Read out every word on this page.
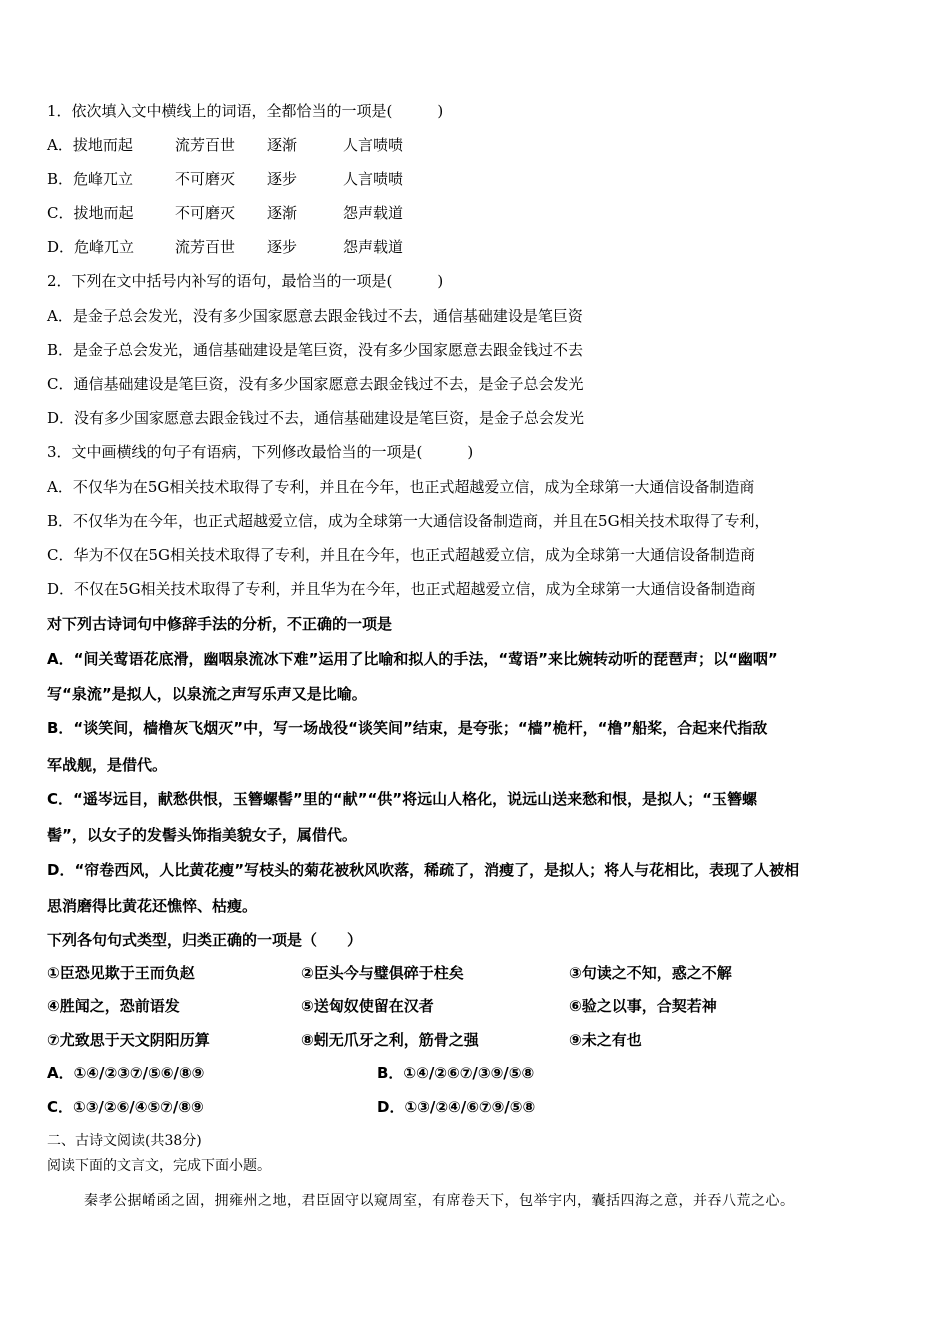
1．依次填入文中横线上的词语，全都恰当的一项是(　　　)
A．拔地而起	流芳百世 逐渐	人言啧啧
B．危峰兀立	不可磨灭 逐步	人言啧啧
C．拔地而起	不可磨灭 逐渐	怨声载道
D．危峰兀立	流芳百世 逐步	怨声载道
2．下列在文中括号内补写的语句，最恰当的一项是(　　　)
A．是金子总会发光，没有多少国家愿意去跟金钱过不去，通信基础建设是笔巨资
B．是金子总会发光，通信基础建设是笔巨资，没有多少国家愿意去跟金钱过不去
C．通信基础建设是笔巨资，没有多少国家愿意去跟金钱过不去，是金子总会发光
D．没有多少国家愿意去跟金钱过不去，通信基础建设是笔巨资，是金子总会发光
3．文中画横线的句子有语病，下列修改最恰当的一项是(　　　)
A．不仅华为在5G相关技术取得了专利，并且在今年，也正式超越爱立信，成为全球第一大通信设备制造商
B．不仅华为在今年，也正式超越爱立信，成为全球第一大通信设备制造商，并且在5G相关技术取得了专利，
C．华为不仅在5G相关技术取得了专利，并且在今年，也正式超越爱立信，成为全球第一大通信设备制造商
D．不仅在5G相关技术取得了专利，并且华为在今年，也正式超越爱立信，成为全球第一大通信设备制造商
对下列古诗词句中修辞手法的分析，不正确的一项是
A．“间关莺语花底滑，幽咽泉流冰下难”运用了比喻和拟人的手法，“莺语”来比婉转动听的琵琶声；以“幽咽”
写“泉流”是拟人，以泉流之声写乐声又是比喻。
B．“谈笑间，樯橹灰飞烟灭”中，写一场战役“谈笑间”结束，是夸张；“樯”桅杆，“橹”船桨，合起来代指敌
军战舰，是借代。
C．“遥岑远目，献愁供恨，玉簪螺髻”里的“献”“供”将远山人格化，说远山送来愁和恨，是拟人；“玉簪螺
髻”，以女子的发髻头饰指美貌女子，属借代。
D．“帘卷西风，人比黄花瘦”写枝头的菊花被秋风吹落，稀疏了，消瘦了，是拟人；将人与花相比，表现了人被相
思消磨得比黄花还憔悴、枯瘦。
下列各句句式类型，归类正确的一项是（　　）
①臣恐见欺于王而负赵	②臣头今与璧俱碎于柱矣	③句读之不知，惑之不解
④胜闻之，恐前语发	⑤送匈奴使留在汉者	⑥验之以事，合契若神
⑦尤致思于天文阴阳历算	⑧蚓无爪牙之利，筋骨之强	⑨未之有也
A．①④/②③⑦/⑤⑥/⑧⑨	B．①④/②⑥⑦/③⑨/⑤⑧
C．①③/②⑥/④⑤⑦/⑧⑨	D．①③/②④/⑥⑦⑨/⑤⑧
二、古诗文阅读(共38分)
阅读下面的文言文，完成下面小题。
秦孝公据崤函之固，拥雍州之地，君臣固守以窥周室，有席卷天下，包举宇内，囊括四海之意，并吞八荒之心。
